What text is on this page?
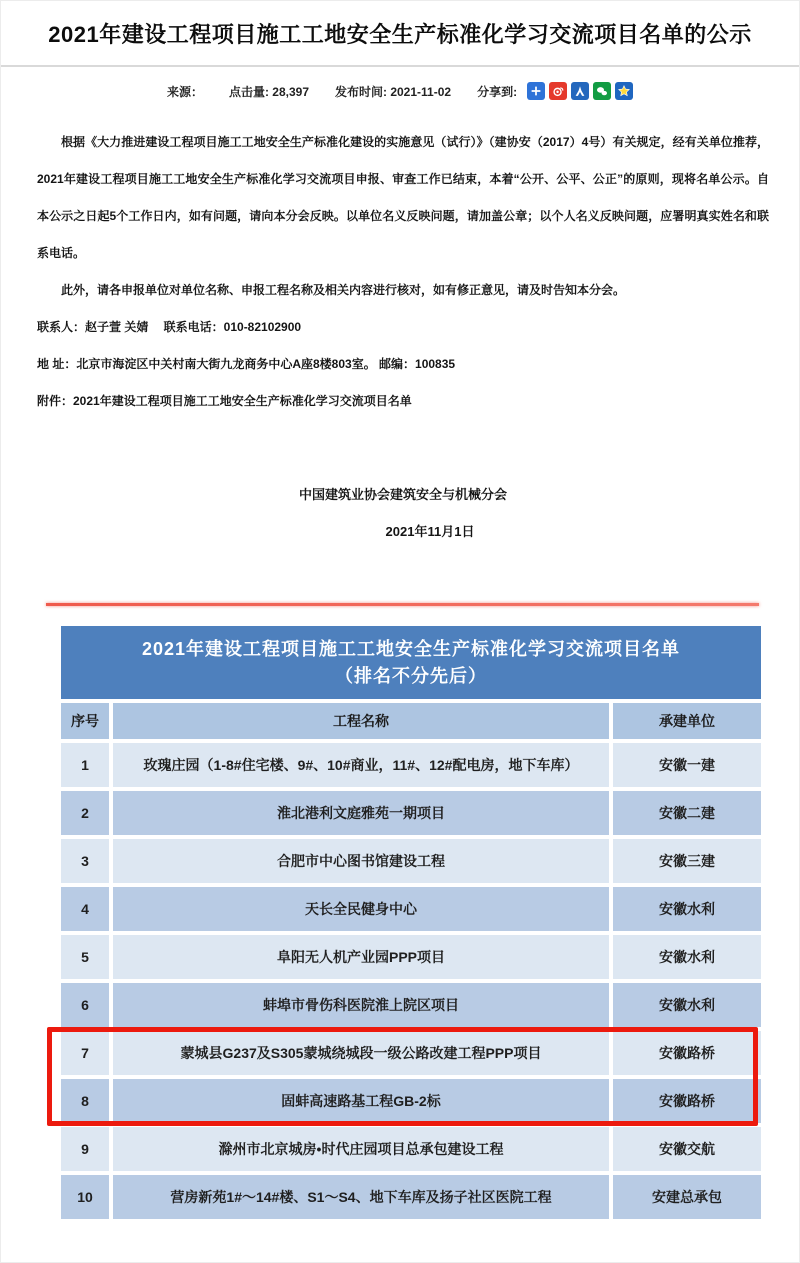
2021年建设工程项目施工工地安全生产标准化学习交流项目名单的公示
来源： 点击量: 28,397 发布时间: 2021-11-02 分享到:

根据《大力推进建设工程项目施工工地安全生产标准化建设的实施意见（试行）》（建协安（2017）4号）有关规定，经有关单位推荐，2021年建设工程项目施工工地安全生产标准化学习交流项目申报、审查工作已结束，本着“公开、公平、公正”的原则，现将名单公示。自本公示之日起5个工作日内，如有问题，请向本分会反映。以单位名义反映问题，请加盖公章；以个人名义反映问题，应署明真实姓名和联系电话。

此外，请各申报单位对单位名称、申报工程名称及相关内容进行核对，如有修正意见，请及时告知本分会。

联系人：赵子萱 关婧　 联系电话：010-82102900

地 址：北京市海淀区中关村南大街九龙商务中心A座8楼803室。 邮编：100835

附件：2021年建设工程项目施工工地安全生产标准化学习交流项目名单

中国建筑业协会建筑安全与机械分会

2021年11月1日

2021年建设工程项目施工工地安全生产标准化学习交流项目名单
（排名不分先后）
序号	工程名称	承建单位
1	玫瑰庄园（1-8#住宅楼、9#、10#商业，11#、12#配电房，地下车库）	安徽一建
2	淮北港利文庭雅苑一期项目	安徽二建
3	合肥市中心图书馆建设工程	安徽三建
4	天长全民健身中心	安徽水利
5	阜阳无人机产业园PPP项目	安徽水利
6	蚌埠市骨伤科医院淮上院区项目	安徽水利
7	蒙城县G237及S305蒙城绕城段一级公路改建工程PPP项目	安徽路桥
8	固蚌高速路基工程GB-2标	安徽路桥
9	滁州市北京城房•时代庄园项目总承包建设工程	安徽交航
10	营房新苑1#～14#楼、S1～S4、地下车库及扬子社区医院工程	安建总承包
